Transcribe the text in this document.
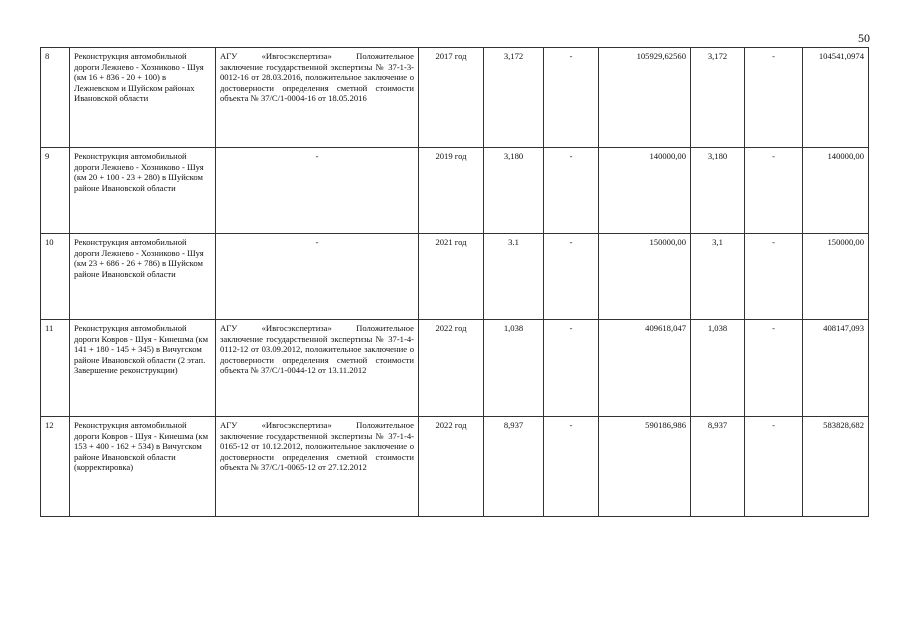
50
8	Реконструкция автомобильной дороги Лежнево - Хозниково - Шуя (км 16 + 836 - 20 + 100) в Лежневском и Шуйском районах Ивановской области	АГУ «Ивгосэкспертиза» Положительное заключение государственной экспертизы № 37-1-3-0012-16 от 28.03.2016, положительное заключение о достоверности определения сметной стоимости объекта № 37/С/1-0004-16 от 18.05.2016	2017 год	3,172	-	105929,62560	3,172	-	104541,0974
9	Реконструкция автомобильной дороги Лежнево - Хозниково - Шуя (км 20 + 100 - 23 + 280) в Шуйском районе Ивановской области	-	2019 год	3,180	-	140000,00	3,180	-	140000,00
10	Реконструкция автомобильной дороги Лежнево - Хозниково - Шуя (км 23 + 686 - 26 + 786) в Шуйском районе Ивановской области	-	2021 год	3.1	-	150000,00	3,1	-	150000,00
11	Реконструкция автомобильной дороги Ковров - Шуя - Кинешма (км 141 + 180 - 145 + 345) в Вичугском районе Ивановской области (2 этап. Завершение реконструкции)	АГУ «Ивгосэкспертиза» Положительное заключение государственной экспертизы № 37-1-4-0112-12 от 03.09.2012, положительное заключение о достоверности определения сметной стоимости объекта № 37/С/1-0044-12 от 13.11.2012	2022 год	1,038	-	409618,047	1,038	-	408147,093
12	Реконструкция автомобильной дороги Ковров - Шуя - Кинешма (км 153 + 400 - 162 + 534) в Вичугском районе Ивановской области (корректировка)	АГУ «Ивгосэкспертиза» Положительное заключение государственной экспертизы № 37-1-4-0165-12 от 10.12.2012, положительное заключение о достоверности определения сметной стоимости объекта № 37/С/1-0065-12 от 27.12.2012	2022 год	8,937	-	590186,986	8,937	-	583828,682
